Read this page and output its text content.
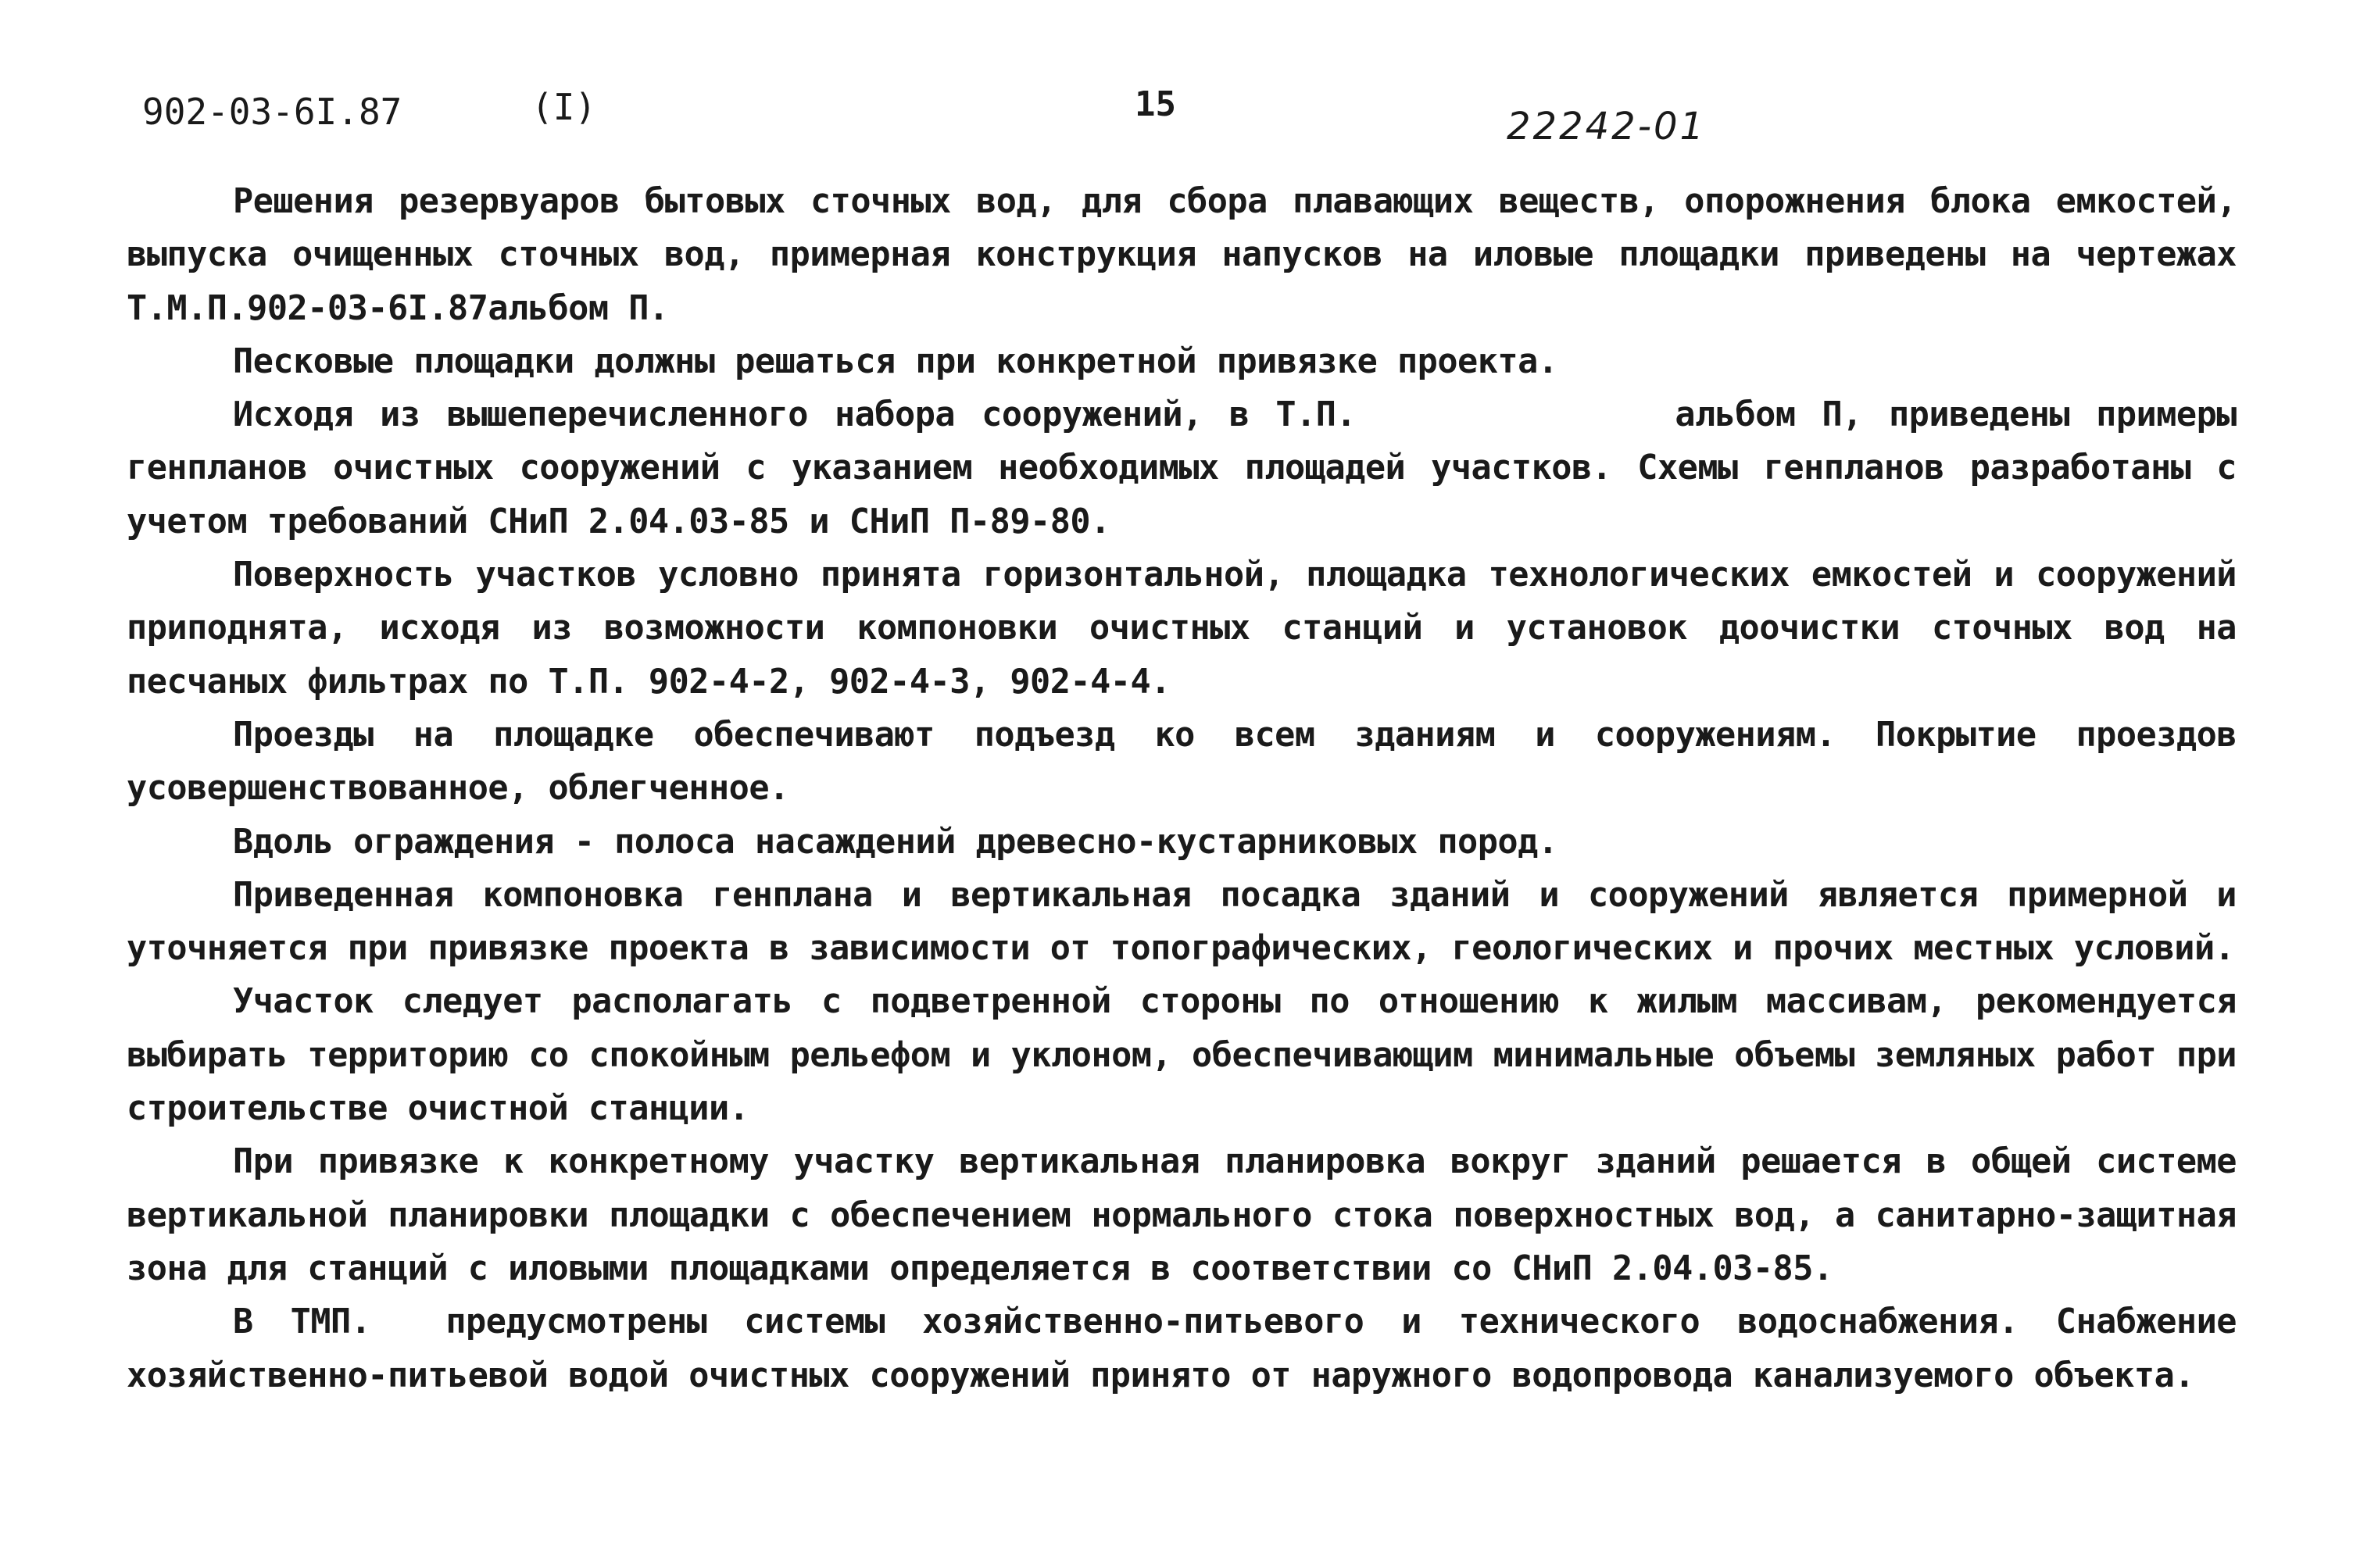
902-03-6I.87	(I)	15
22242-01

Решения резервуаров бытовых сточных вод, для сбора плавающих веществ, опорожнения блока емкостей, выпуска очищенных сточных вод, примерная конструкция напусков на иловые площадки приведены на чертежах Т.М.П.902-03-6І.87альбом П.

Песковые площадки должны решаться при конкретной привязке проекта.

Исходя из вышеперечисленного набора сооружений, в Т.П.            альбом П, приведены примеры генпланов очистных сооружений с указанием необходимых площадей участков. Схемы генпланов разработаны с учетом требований СНиП 2.04.03-85 и СНиП П-89-80.

Поверхность участков условно принята горизонтальной, площадка технологических емкостей и сооружений приподнята, исходя из возможности компоновки очистных станций и установок доочистки сточных вод на песчаных фильтрах по Т.П. 902-4-2, 902-4-3, 902-4-4.

Проезды на площадке обеспечивают подъезд ко всем зданиям и сооружениям. Покрытие проездов усовершенствованное, облегченное.

Вдоль ограждения - полоса насаждений древесно-кустарниковых пород.

Приведенная компоновка генплана и вертикальная посадка зданий и сооружений является примерной и уточняется при привязке проекта в зависимости от топографических, геологических и прочих местных условий.

Участок следует располагать с подветренной стороны по отношению к жилым массивам, рекомендуется выбирать территорию со спокойным рельефом и уклоном, обеспечивающим минимальные объемы земляных работ при строительстве очистной станции.

При привязке к конкретному участку вертикальная планировка вокруг зданий решается в общей системе вертикальной планировки площадки с обеспечением нормального стока поверхностных вод, а санитарно-защитная зона для станций с иловыми площадками определяется в соответствии со СНиП 2.04.03-85.

В ТМП.  предусмотрены системы хозяйственно-питьевого и технического водоснабжения. Снабжение хозяйственно-питьевой водой очистных сооружений принято от наружного водопровода канализуемого объекта.
